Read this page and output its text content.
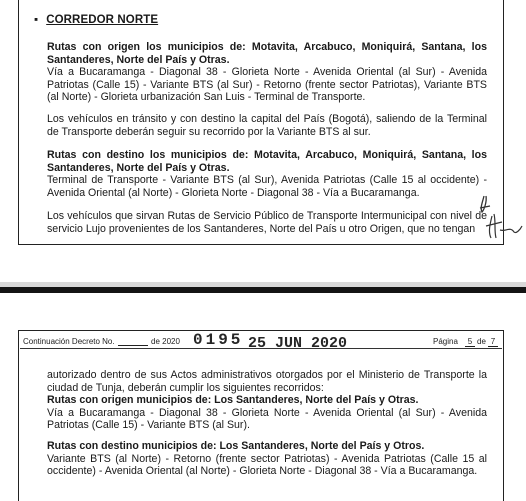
▪ CORREDOR NORTE
Rutas con origen los municipios de: Motavita, Arcabuco, Moniquirá, Santana, los Santanderes, Norte del País y Otras.
Vía a Bucaramanga - Diagonal 38 - Glorieta Norte - Avenida Oriental (al Sur) - Avenida Patriotas (Calle 15) - Variante BTS (al Sur) - Retorno (frente sector Patriotas), Variante BTS (al Norte) - Glorieta urbanización San Luis - Terminal de Transporte.
Los vehículos en tránsito y con destino la capital del País (Bogotá), saliendo de la Terminal de Transporte deberán seguir su recorrido por la Variante BTS al sur.
Rutas con destino los municipios de: Motavita, Arcabuco, Moniquirá, Santana, los Santanderes, Norte del País y Otras.
Terminal de Transporte - Variante BTS (al Sur), Avenida Patriotas (Calle 15 al occidente) - Avenida Oriental (al Norte) - Glorieta Norte - Diagonal 38 - Vía a Bucaramanga.
Los vehículos que sirvan Rutas de Servicio Público de Transporte Intermunicipal con nivel de servicio Lujo provenientes de los Santanderes, Norte del País u otro Origen, que no tengan
Continuación Decreto No.	de 2020 0195 25 JUN 2020	Página	5 de 7
autorizado dentro de sus Actos administrativos otorgados por el Ministerio de Transporte la ciudad de Tunja, deberán cumplir los siguientes recorridos:
Rutas con origen municipios de: Los Santanderes, Norte del País y Otras.
Vía a Bucaramanga - Diagonal 38 - Glorieta Norte - Avenida Oriental (al Sur) - Avenida Patriotas (Calle 15) - Variante BTS (al Sur).
Rutas con destino municipios de: Los Santanderes, Norte del País y Otros.
Variante BTS (al Norte) - Retorno (frente sector Patriotas) - Avenida Patriotas (Calle 15 al occidente) - Avenida Oriental (al Norte) - Glorieta Norte - Diagonal 38 - Vía a Bucaramanga.
